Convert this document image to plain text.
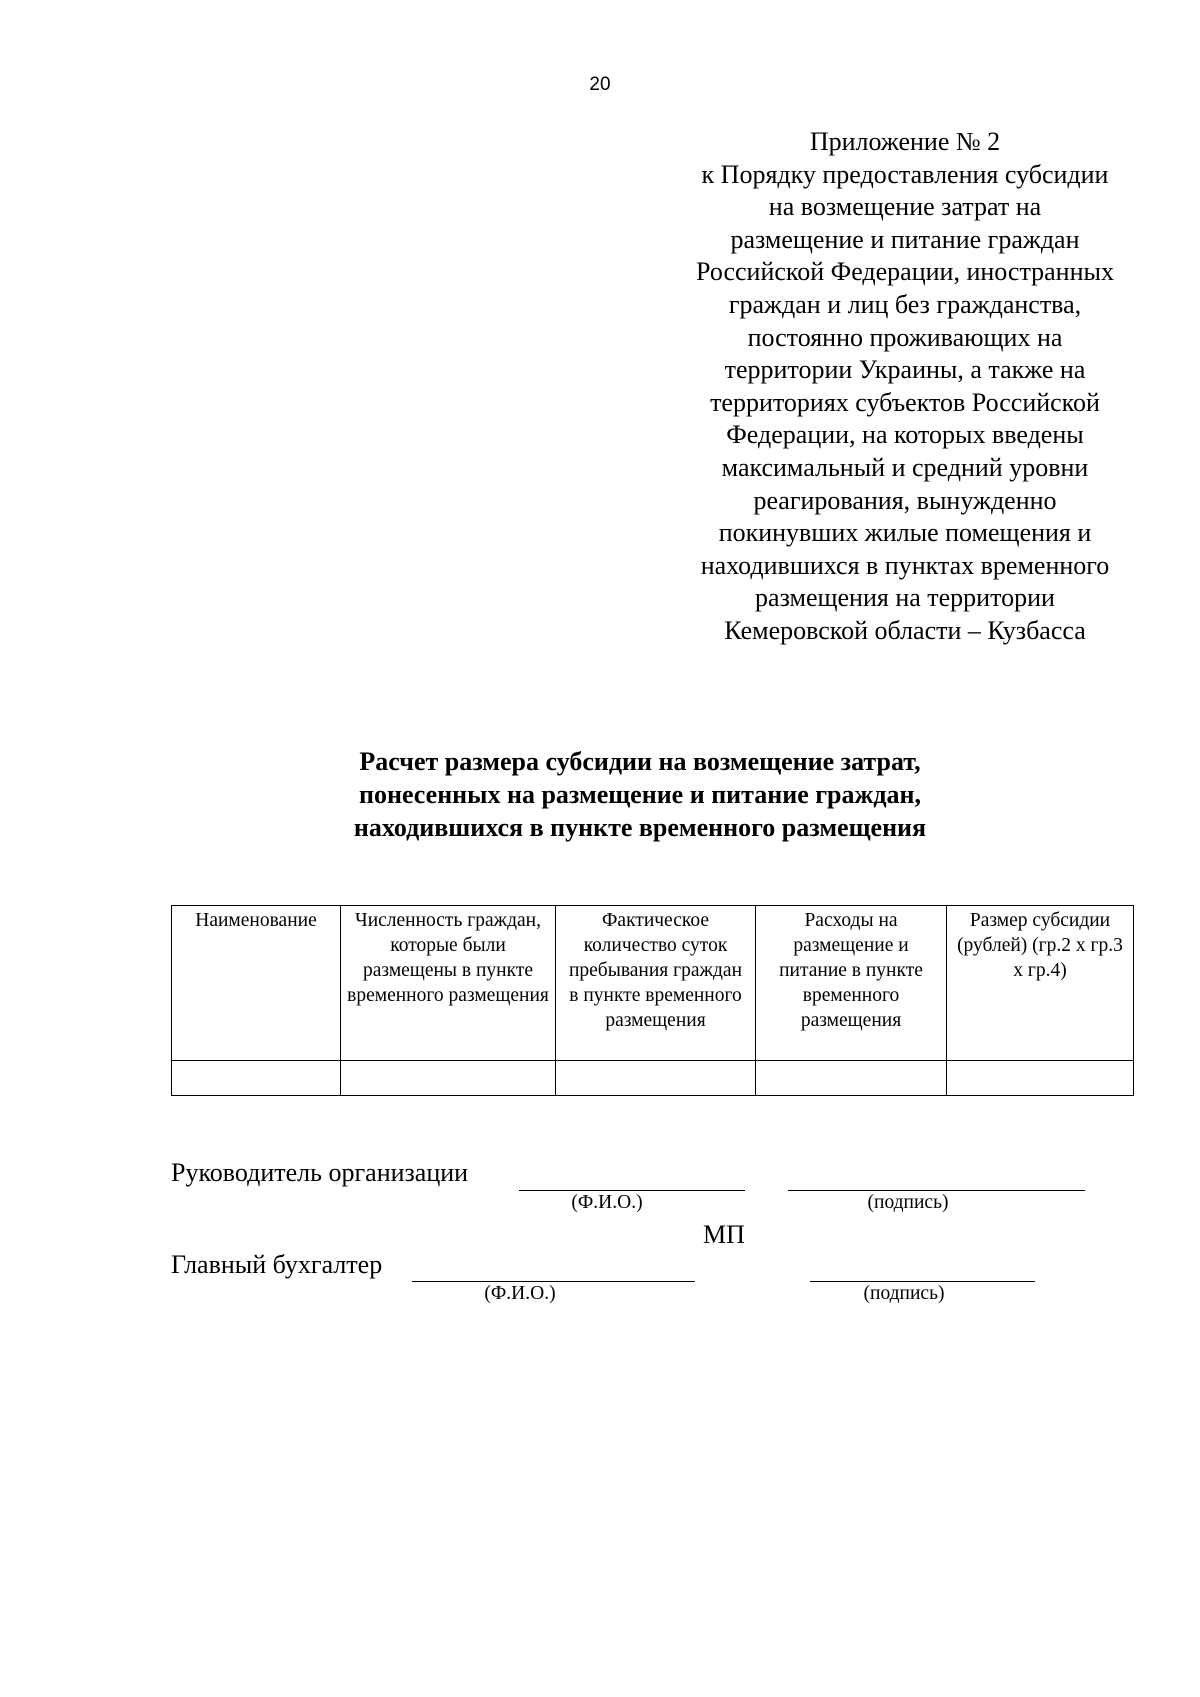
20
Приложение № 2
к Порядку предоставления субсидии
на возмещение затрат на
размещение и питание граждан
Российской Федерации, иностранных
граждан и лиц без гражданства,
постоянно проживающих на
территории Украины, а также на
территориях субъектов Российской
Федерации, на которых введены
максимальный и средний уровни
реагирования, вынужденно
покинувших жилые помещения и
находившихся в пунктах временного
размещения на территории
Кемеровской области – Кузбасса
Расчет размера субсидии на возмещение затрат,
понесенных на размещение и питание граждан,
находившихся в пункте временного размещения
Наименование	Численность граждан, которые были размещены в пункте временного размещения	Фактическое количество суток пребывания граждан в пункте временного размещения	Расходы на размещение и питание в пункте временного размещения	Размер субсидии (рублей) (гр.2 х гр.3 х гр.4)

Руководитель организации
(Ф.И.О.)	(подпись)
МП
Главный бухгалтер
(Ф.И.О.)	(подпись)
